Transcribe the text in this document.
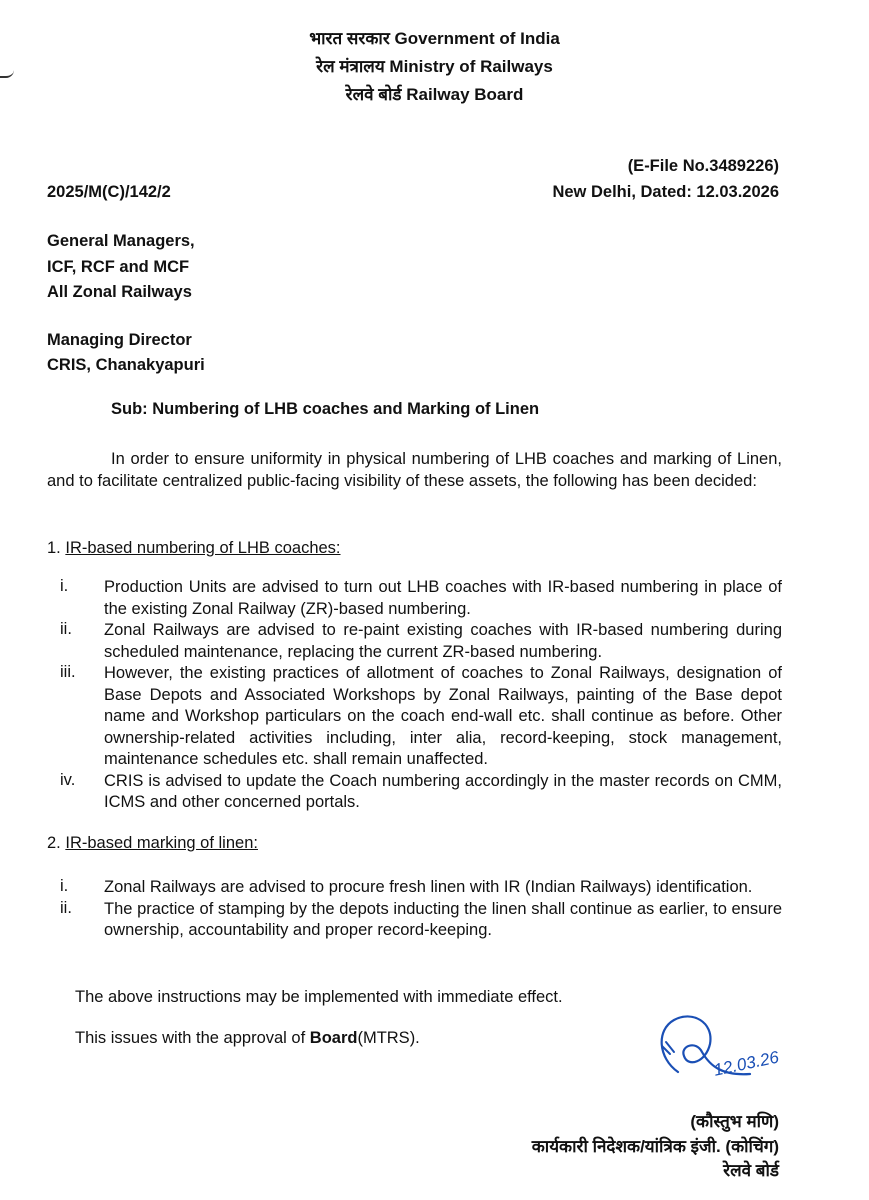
भारत सरकार Government of India

रेल मंत्रालय Ministry of Railways

रेलवे बोर्ड Railway Board

(E-File No.3489226)

2025/M(C)/142/2	New Delhi, Dated: 12.03.2026

General Managers,
ICF, RCF and MCF
All Zonal Railways
Managing Director
CRIS, Chanakyapuri

Sub: Numbering of LHB coaches and Marking of Linen

In order to ensure uniformity in physical numbering of LHB coaches and marking of Linen, and to facilitate centralized public-facing visibility of these assets, the following has been decided:

1. IR-based numbering of LHB coaches:
i.	Production Units are advised to turn out LHB coaches with IR-based numbering in place of the existing Zonal Railway (ZR)-based numbering.
ii.	Zonal Railways are advised to re-paint existing coaches with IR-based numbering during scheduled maintenance, replacing the current ZR-based numbering.
iii.	However, the existing practices of allotment of coaches to Zonal Railways, designation of Base Depots and Associated Workshops by Zonal Railways, painting of the Base depot name and Workshop particulars on the coach end-wall etc. shall continue as before. Other ownership-related activities including, inter alia, record-keeping, stock management, maintenance schedules etc. shall remain unaffected.
iv.	CRIS is advised to update the Coach numbering accordingly in the master records on CMM, ICMS and other concerned portals.
2. IR-based marking of linen:
i.	Zonal Railways are advised to procure fresh linen with IR (Indian Railways) identification.
ii.	The practice of stamping by the depots inducting the linen shall continue as earlier, to ensure ownership, accountability and proper record-keeping.

The above instructions may be implemented with immediate effect.

This issues with the approval of Board(MTRS).

12.03.26

(कौस्तुभ मणि)

कार्यकारी निदेशक/यांत्रिक इंजी. (कोचिंग)

रेलवे बोर्ड
